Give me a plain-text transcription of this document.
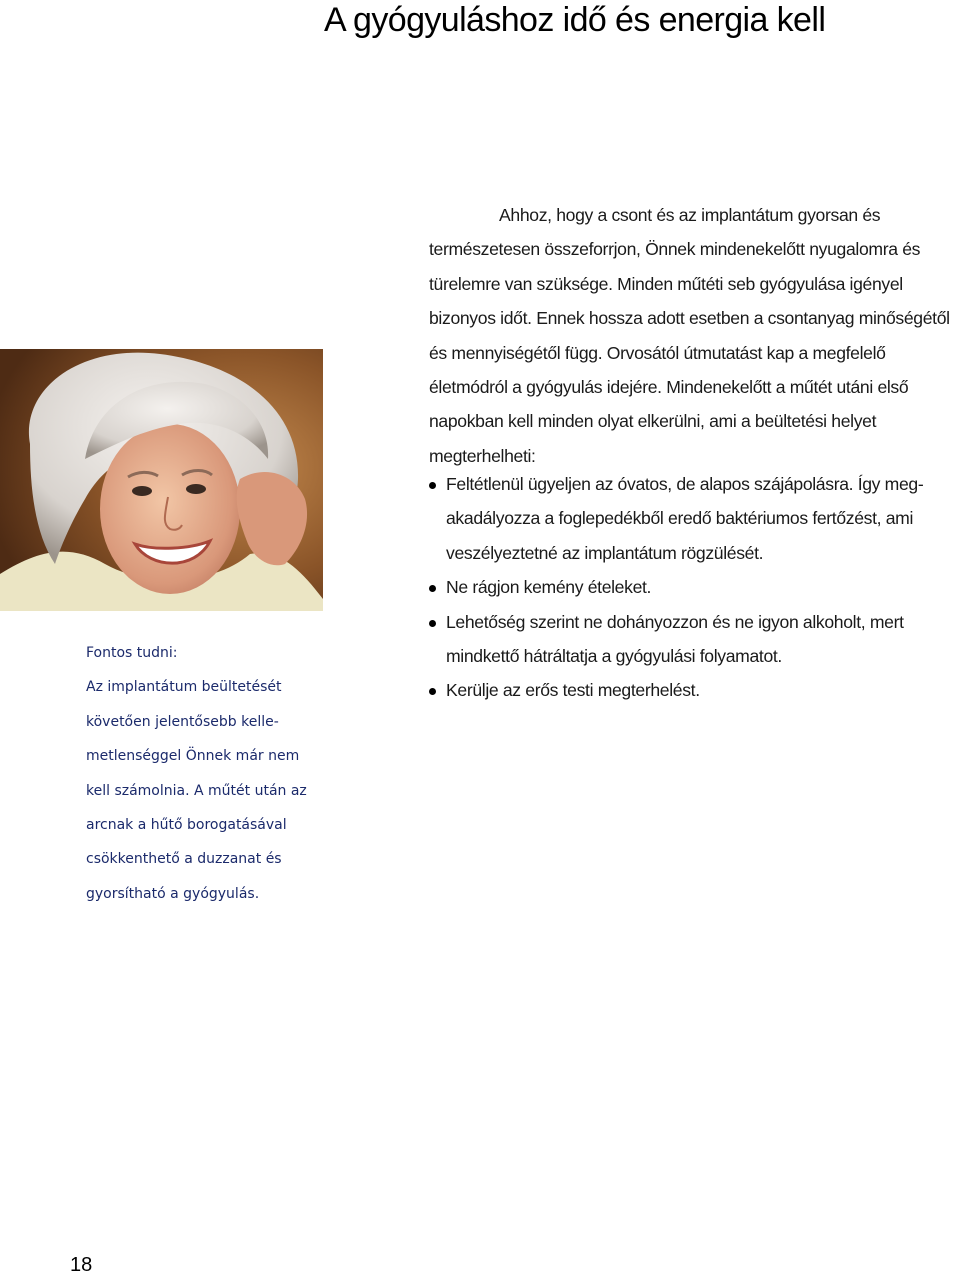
A gyógyuláshoz idő és energia kell

Ahhoz, hogy a csont és az implantátum gyorsan és természetesen összeforrjon, Önnek mindenekelőtt nyugalomra és türelemre van szüksége. Minden műtéti seb gyógyulása igényel bizonyos időt. Ennek hossza adott esetben a csontanyag minőségétől és mennyiségétől függ. Orvosától útmutatást kap a megfelelő életmódról a gyógyulás idejére. Mindenekelőtt a műtét utáni első napokban kell minden olyat elkerülni, ami a beültetési helyet megterhelheti:

Feltétlenül ügyeljen az óvatos, de alapos szájápolásra. Így megakadályozza a foglepedékből eredő baktériumos fertőzést, ami veszélyeztetné az implantátum rögzülését.
Ne rágjon kemény ételeket.
Lehetőség szerint ne dohányozzon és ne igyon alkoholt, mert mindkettő hátráltatja a gyógyulási folyamatot.
Kerülje az erős testi megterhelést.

Fontos tudni:

Az implantátum beültetését követően jelentősebb kellemetlenséggel Önnek már nem kell számolnia. A műtét után az arcnak a hűtő borogatásával csökkenthető a duzzanat és gyorsítható a gyógyulás.

18
